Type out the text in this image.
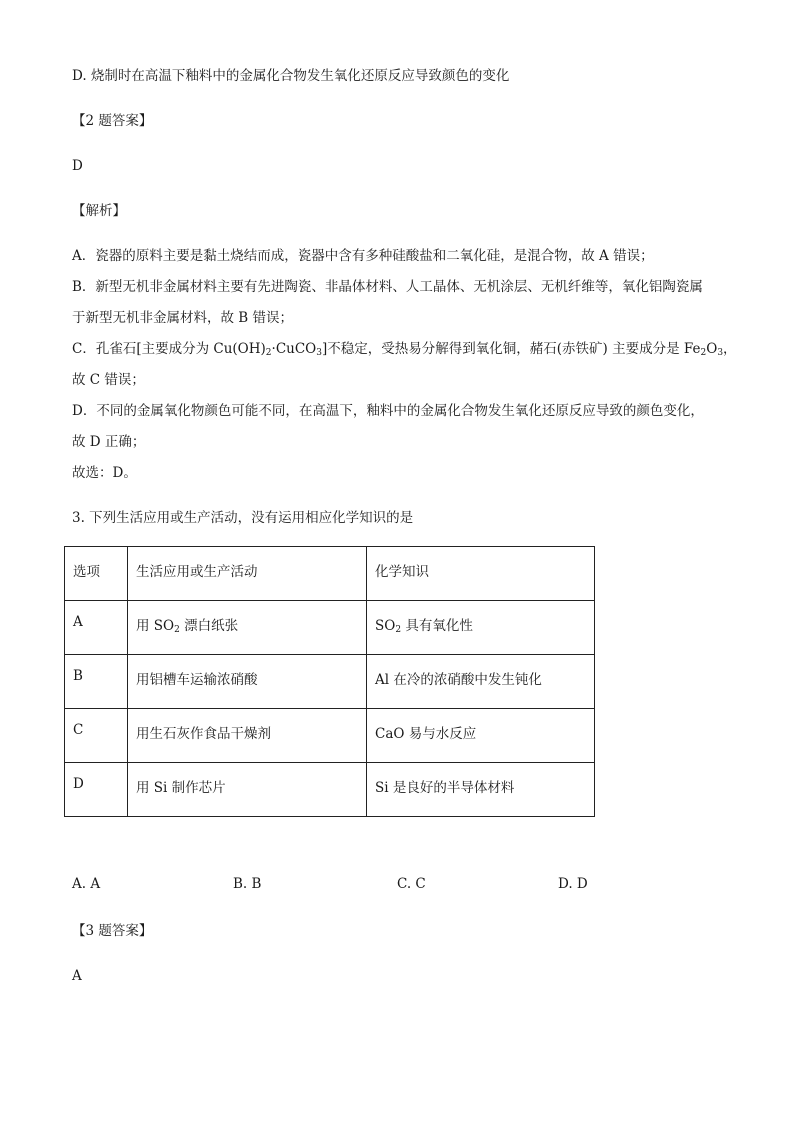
D. 烧制时在高温下釉料中的金属化合物发生氧化还原反应导致颜色的变化
【2 题答案】
D
【解析】
A．瓷器的原料主要是黏土烧结而成，瓷器中含有多种硅酸盐和二氧化硅，是混合物，故 A 错误；
B．新型无机非金属材料主要有先进陶瓷、非晶体材料、人工晶体、无机涂层、无机纤维等，氧化铝陶瓷属
于新型无机非金属材料，故 B 错误；
C．孔雀石[主要成分为 $Cu(OH)_2\cdot CuCO_3$]不稳定，受热易分解得到氧化铜，赭石(赤铁矿) 主要成分是 $Fe_2O_3$，
故 C 错误；
D．不同的金属氧化物颜色可能不同，在高温下，釉料中的金属化合物发生氧化还原反应导致的颜色变化，
故 D 正确；
故选：D。
3. 下列生活应用或生产活动，没有运用相应化学知识的是
选项	生活应用或生产活动	化学知识
A	用 $SO_2$ 漂白纸张	$SO_2$ 具有氧化性
B	用铝槽车运输浓硝酸	Al 在冷的浓硝酸中发生钝化
C	用生石灰作食品干燥剂	CaO 易与水反应
D	用 Si 制作芯片	Si 是良好的半导体材料
A. A	B. B	C. C	D. D
【3 题答案】
A
